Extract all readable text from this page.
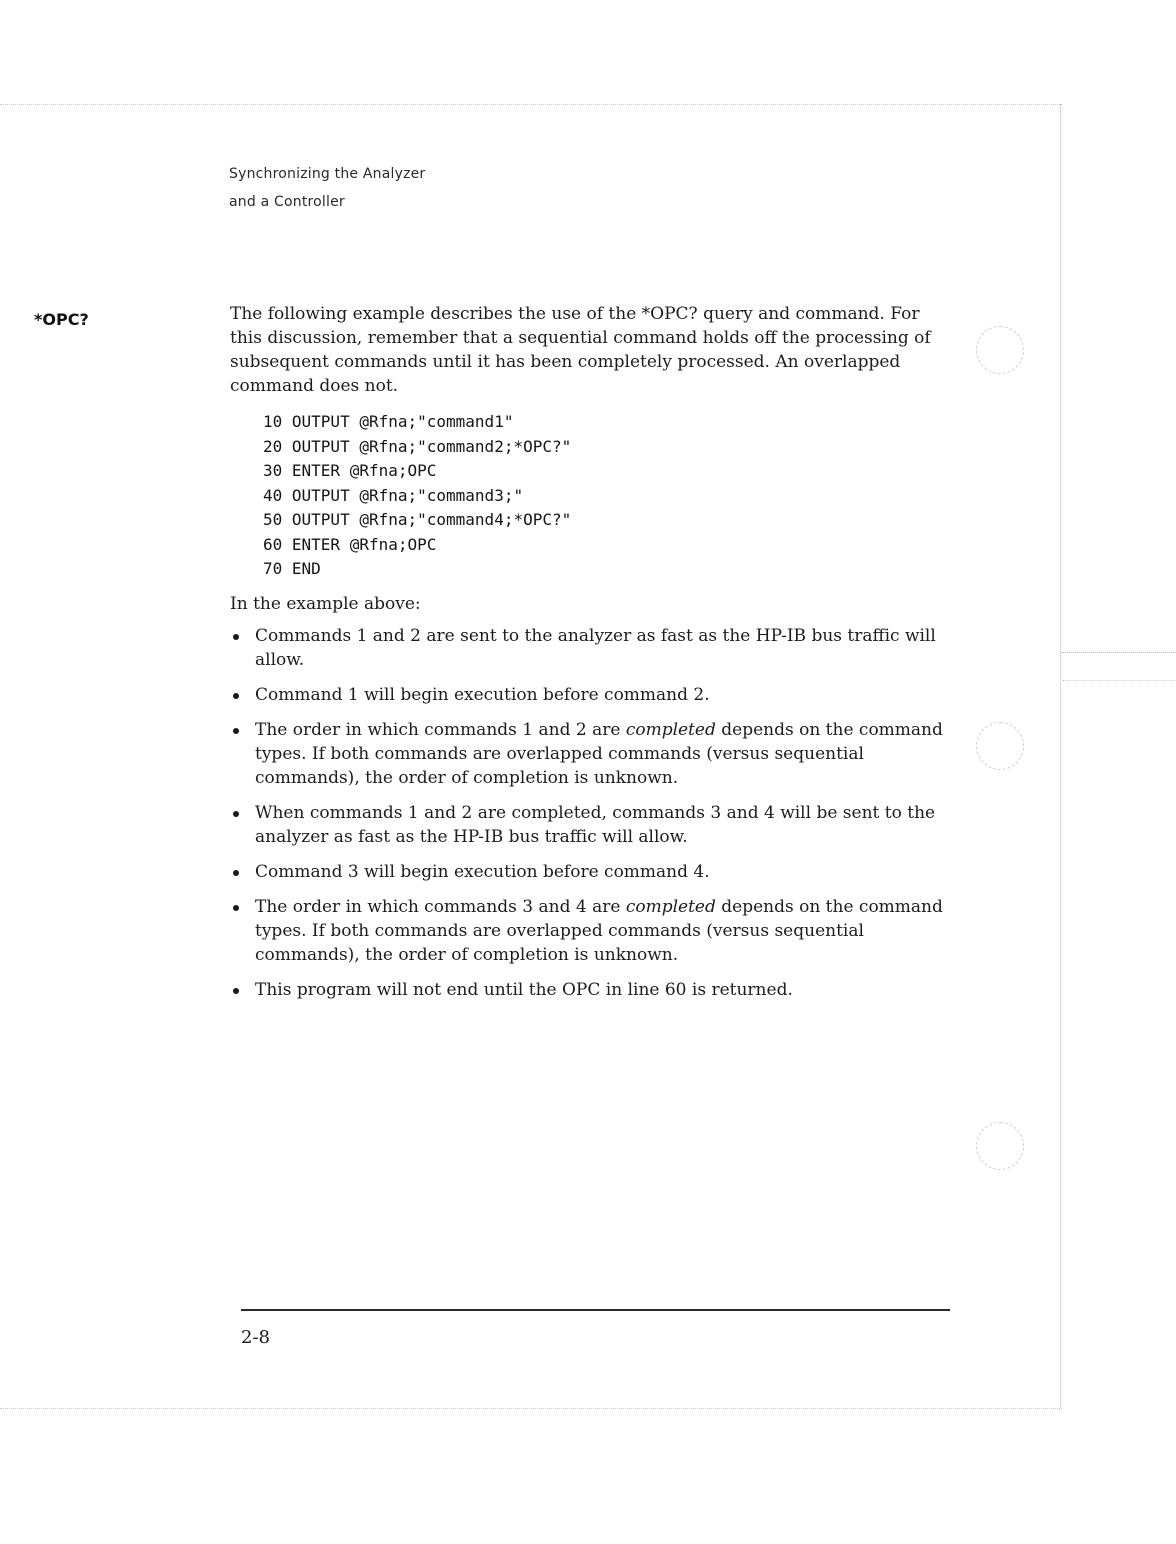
Synchronizing the Analyzer
and a Controller
*OPC?	The following example describes the use of the *OPC? query and command. For this discussion, remember that a sequential command holds off the processing of subsequent commands until it has been completely processed. An overlapped command does not.

10 OUTPUT @Rfna;"command1"
20 OUTPUT @Rfna;"command2;*OPC?"
30 ENTER @Rfna;OPC
40 OUTPUT @Rfna;"command3;"
50 OUTPUT @Rfna;"command4;*OPC?"
60 ENTER @Rfna;OPC
70 END

In the example above:

Commands 1 and 2 are sent to the analyzer as fast as the HP-IB bus traffic will allow.
Command 1 will begin execution before command 2.
The order in which commands 1 and 2 are completed depends on the command types. If both commands are overlapped commands (versus sequential commands), the order of completion is unknown.
When commands 1 and 2 are completed, commands 3 and 4 will be sent to the analyzer as fast as the HP-IB bus traffic will allow.
Command 3 will begin execution before command 4.
The order in which commands 3 and 4 are completed depends on the command types. If both commands are overlapped commands (versus sequential commands), the order of completion is unknown.
This program will not end until the OPC in line 60 is returned.
2-8
